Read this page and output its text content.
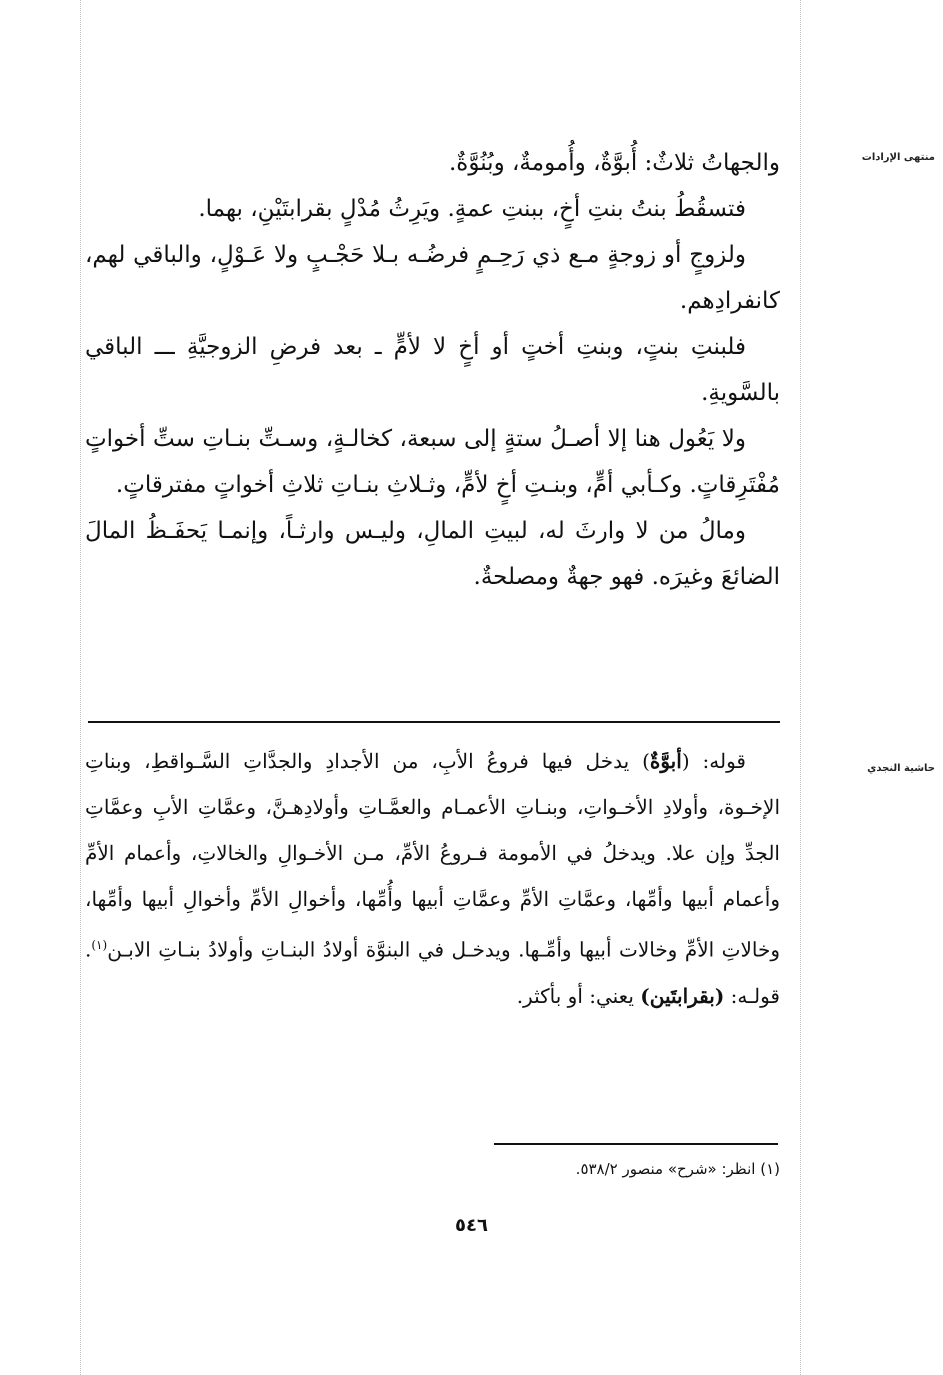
منتهى الإرادات
حاشية النجدي

والجهاتُ ثلاثٌ: أُبوَّةٌ، وأُمومةٌ، وبُنُوَّةٌ.

فتسقُطُ بنتُ بنتِ أخٍ، ببنتِ عمةٍ. ويَرِثُ مُدْلٍ بقرابتَيْنِ، بهما.

ولزوجٍ أو زوجةٍ مـع ذي رَحِـمٍ فرضُـه بـلا حَجْـبٍ ولا عَـوْلٍ، والباقي لهم، كانفرادِهم.

فلبنتِ بنتٍ، وبنتِ أختٍ أو أخٍ لا لأمٍّ ـ بعد فرضِ الزوجيَّةِ ـــ الباقي بالسَّويةِ.

ولا يَعُول هنا إلا أصـلُ ستةٍ إلى سبعة، كخالـةٍ، وسـتِّ بنـاتِ ستِّ أخواتٍ مُفْتَرِقاتٍ. وكـأبي أمٍّ، وبنـتِ أخٍ لأمٍّ، وثـلاثِ بنـاتِ ثلاثِ أخواتٍ مفترقاتٍ.

ومالُ من لا وارثَ له، لبيتِ المالِ، وليـس وارثـاً، وإنمـا يَحفَـظُ المالَ الضائعَ وغيرَه. فهو جهةٌ ومصلحةٌ.

قوله: (أبوَّةٌ) يدخل فيها فروعُ الأبِ، من الأجدادِ والجدَّاتِ السَّـواقطِ، وبناتِ الإخـوة، وأولادِ الأخـواتِ، وبنـاتِ الأعمـام والعمَّـاتِ وأولادِهـنَّ، وعمَّاتِ الأبِ وعمَّاتِ الجدِّ وإن علا. ويدخلُ في الأمومة فـروعُ الأمِّ، مـن الأخـوالِ والخالاتِ، وأعمام الأمِّ وأعمام أبيها وأمِّها، وعمَّاتِ الأمِّ وعمَّاتِ أبيها وأُمِّها، وأخوالِ الأمِّ وأخوالِ أبيها وأمِّها، وخالاتِ الأمِّ وخالات أبيها وأمِّـها. ويدخـل في البنوَّة أولادُ البنـاتِ وأولادُ بنـاتِ الابـن$^{(١)}$. قولـه: (بقرابتَين) يعني: أو بأكثر.

(١) انظر: «شرح» منصور ٥٣٨/٢.
٥٤٦
